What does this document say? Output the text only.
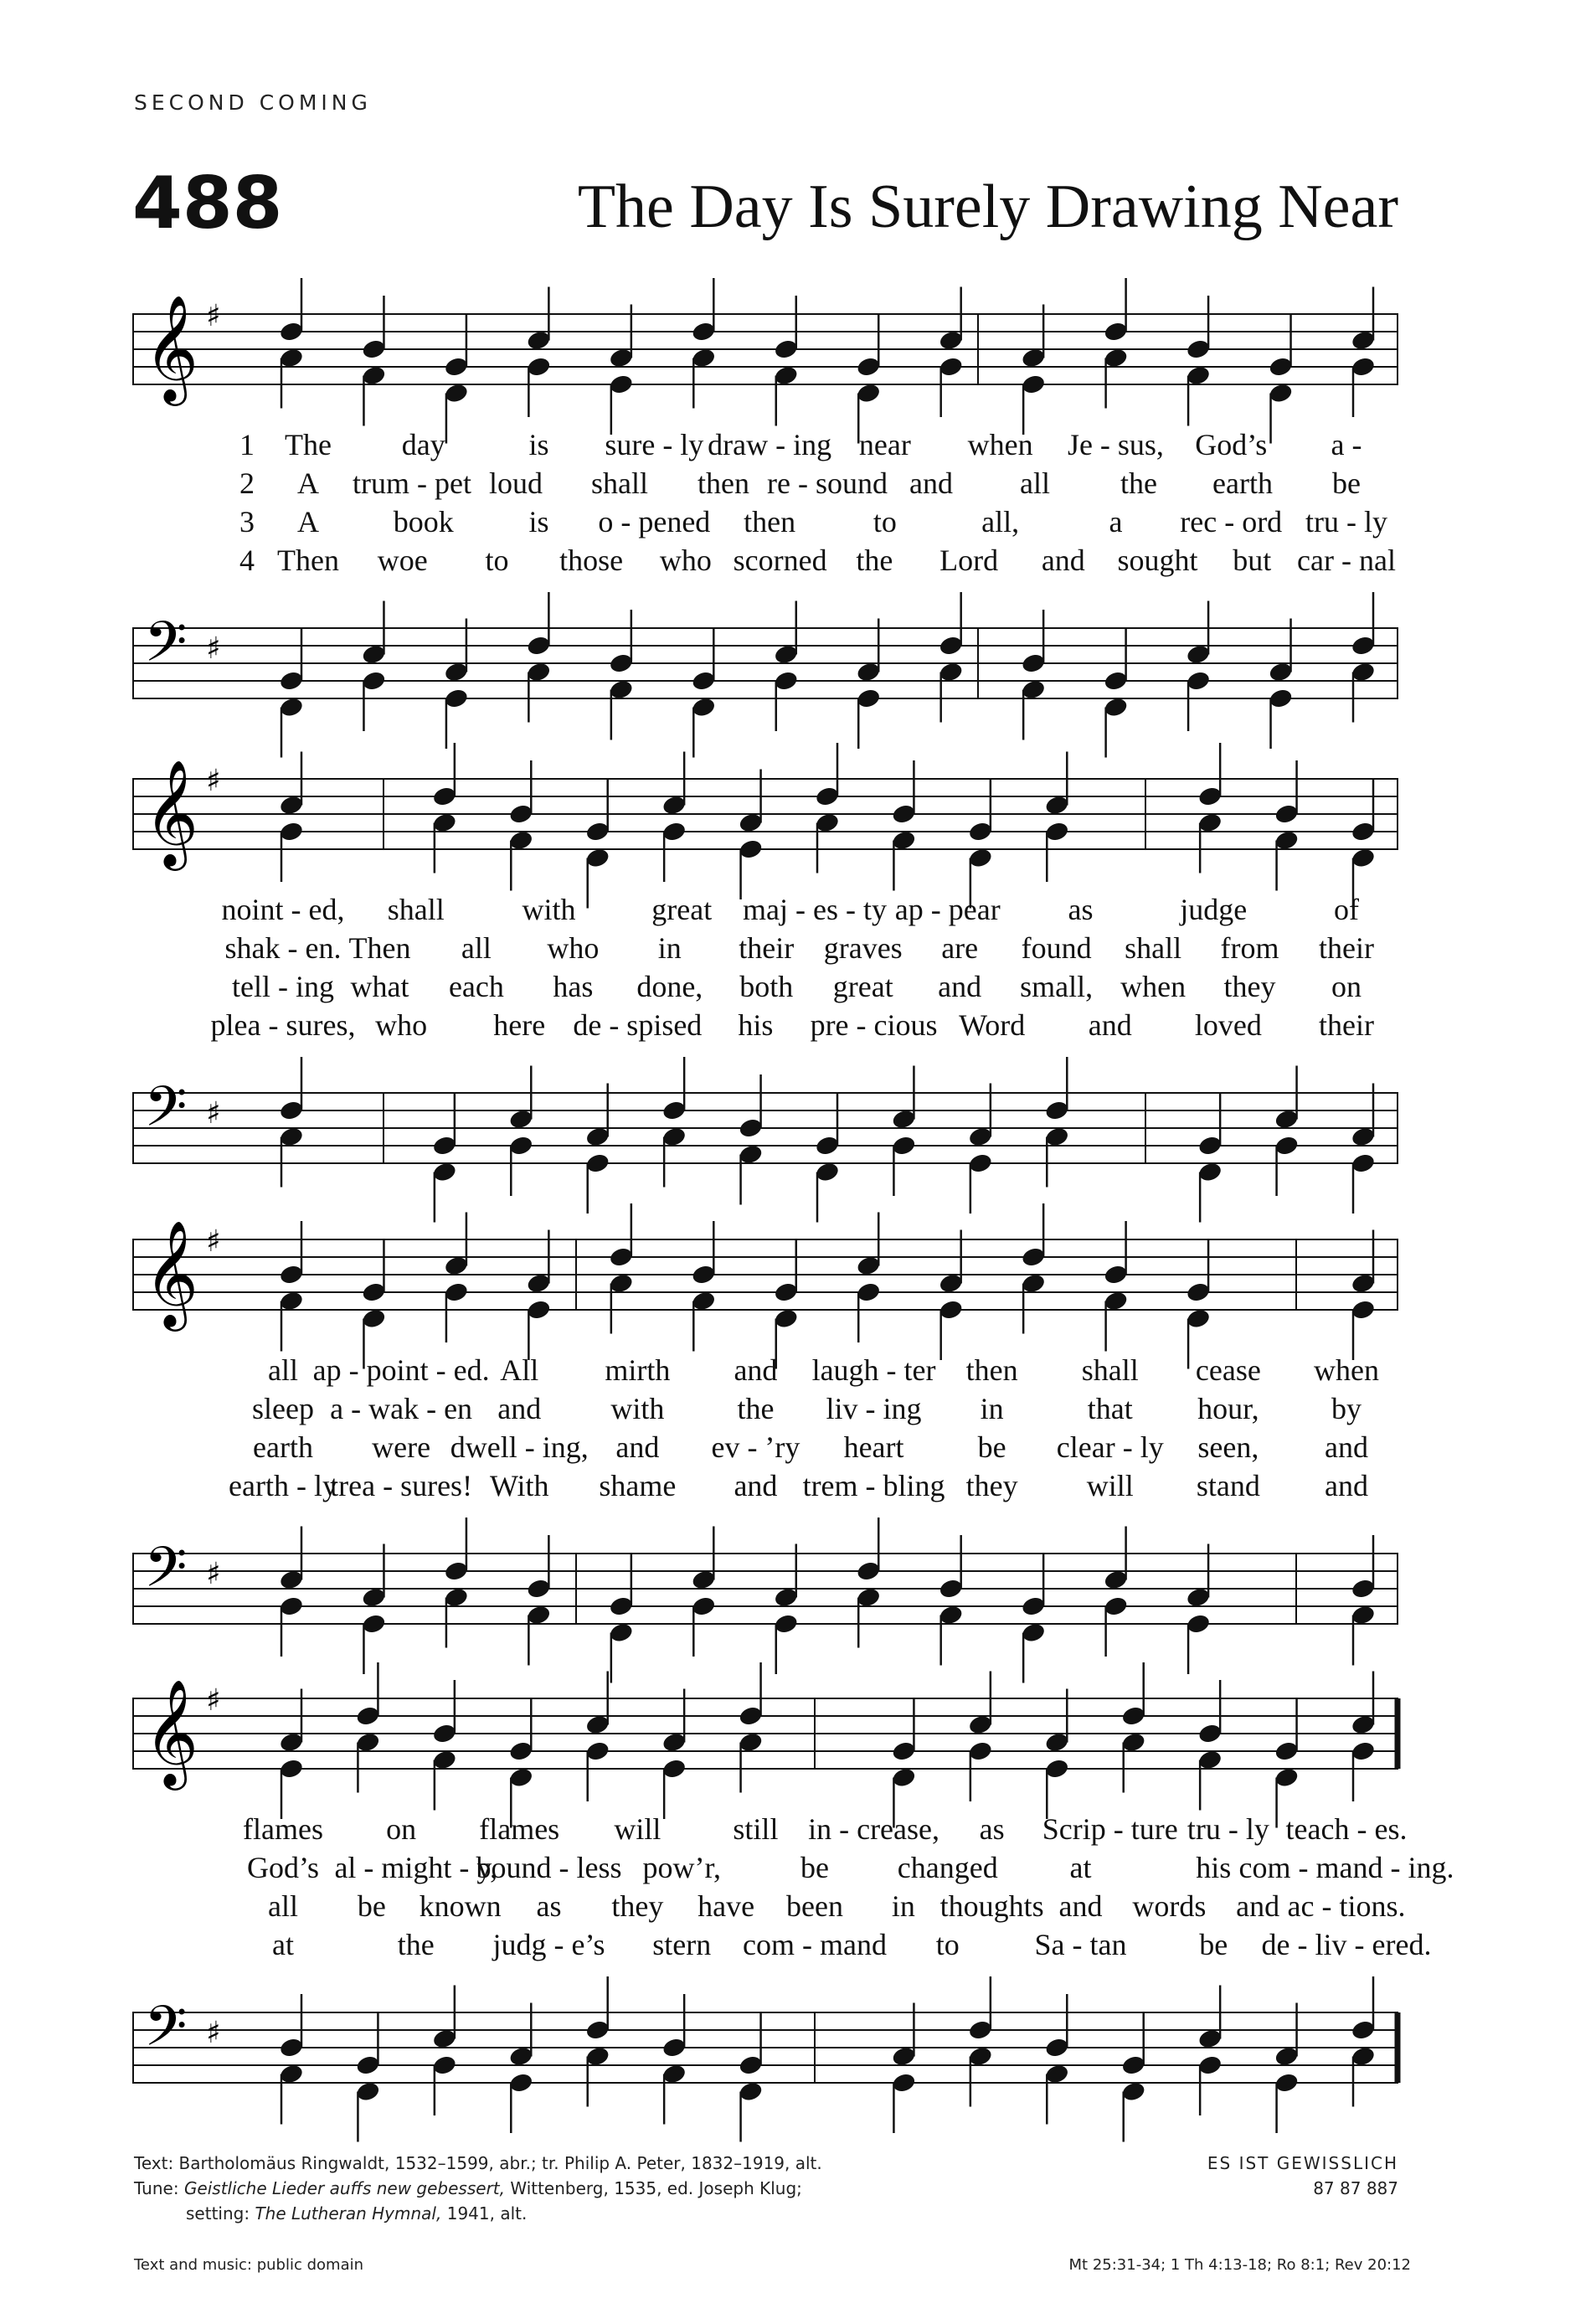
SECOND COMING
488	The Day Is Surely Drawing Near
𝄞 ♯
1 The day	is sure - ly draw - ing near when Je - sus, God’s a -
2 A trum - pet loud shall then re - sound and all the earth be
3 A book is o - pened then	to	all,	a rec - ord tru - ly
4 Then woe to those who scorned the Lord and sought but car - nal
𝄢 ♯
𝄞 ♯
noint - ed, shall	with	great maj - es - ty ap - pear as	judge	of
shak - en. Then all who in their graves are found shall from their
tell - ing what each has done, both great and small, when they on
plea - sures, who here de - spised his pre - cious Word and loved their
𝄢 ♯
𝄞 ♯
all ap - point - ed. All mirth and laugh - ter then shall cease when
sleep a - wak - en and with the liv - ing in	that hour, by
earth were dwell - ing, and ev - ’ry heart be clear - ly seen, and
earth - ly
trea - sures! With shame and trem - bling they will stand and
𝄢 ♯
𝄞 ♯
flames on flames will still in - crease, as Scrip - ture tru - ly teach - es.
God’s al - might - y,
bound - less pow’r,	be changed at	his com - mand - ing.
all be known as they have been in thoughts and words and ac - tions.
at	the judg - e’s stern com - mand to Sa - tan be de - liv - ered.
𝄢 ♯
Text: Bartholomäus Ringwaldt, 1532–1599, abr.; tr. Philip A. Peter, 1832–1919, alt.
Tune: Geistliche Lieder auffs new gebessert, Wittenberg, 1535, ed. Joseph Klug;
setting: The Lutheran Hymnal, 1941, alt.
ES IST GEWISSLICH
87 87 887
Text and music: public domain	Mt 25:31-34; 1 Th 4:13-18; Ro 8:1; Rev 20:12
